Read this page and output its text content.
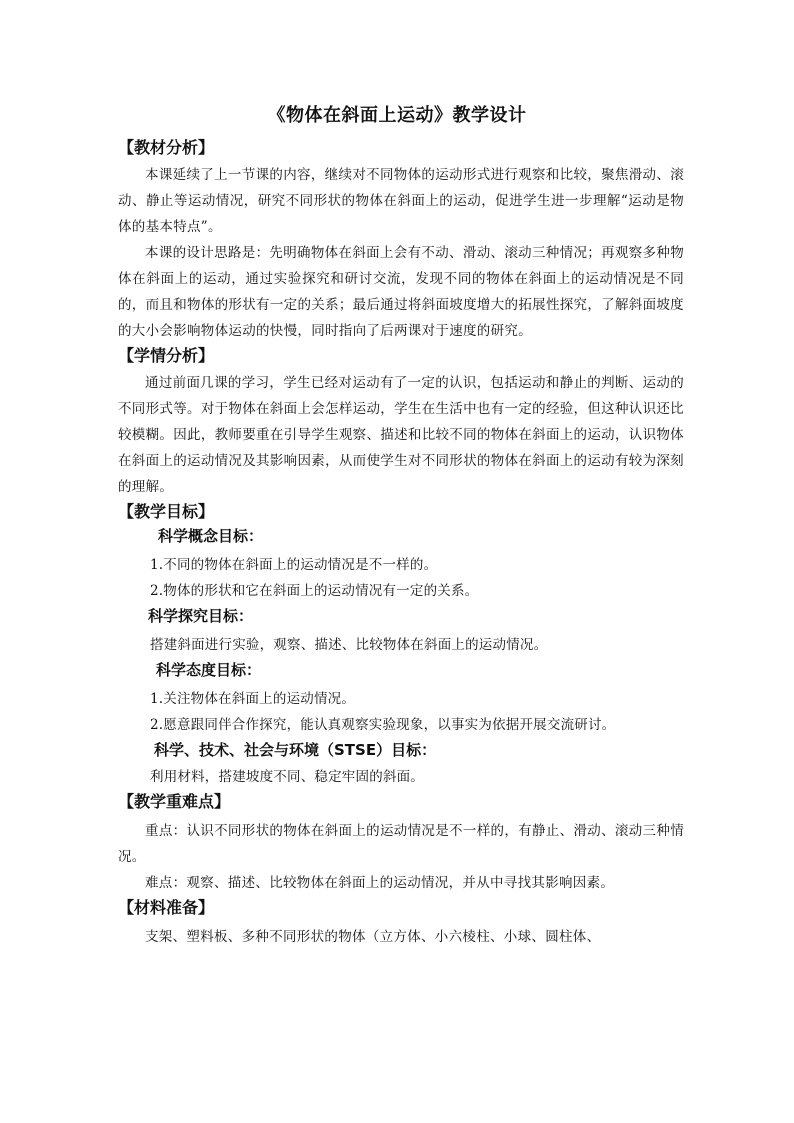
《物体在斜面上运动》教学设计
【教材分析】

本课延续了上一节课的内容，继续对不同物体的运动形式进行观察和比较，聚焦滑动、滚动、静止等运动情况，研究不同形状的物体在斜面上的运动，促进学生进一步理解“运动是物体的基本特点”。

本课的设计思路是：先明确物体在斜面上会有不动、滑动、滚动三种情况；再观察多种物体在斜面上的运动，通过实验探究和研讨交流，发现不同的物体在斜面上的运动情况是不同的，而且和物体的形状有一定的关系；最后通过将斜面坡度增大的拓展性探究，了解斜面坡度的大小会影响物体运动的快慢，同时指向了后两课对于速度的研究。

【学情分析】

通过前面几课的学习，学生已经对运动有了一定的认识，包括运动和静止的判断、运动的不同形式等。对于物体在斜面上会怎样运动，学生在生活中也有一定的经验，但这种认识还比较模糊。因此，教师要重在引导学生观察、描述和比较不同的物体在斜面上的运动，认识物体在斜面上的运动情况及其影响因素，从而使学生对不同形状的物体在斜面上的运动有较为深刻的理解。

【教学目标】
科学概念目标：

1.不同的物体在斜面上的运动情况是不一样的。

2.物体的形状和它在斜面上的运动情况有一定的关系。

科学探究目标：

搭建斜面进行实验，观察、描述、比较物体在斜面上的运动情况。

科学态度目标：

1.关注物体在斜面上的运动情况。

2.愿意跟同伴合作探究，能认真观察实验现象，以事实为依据开展交流研讨。

科学、技术、社会与环境（STSE）目标：

利用材料，搭建坡度不同、稳定牢固的斜面。

【教学重难点】

重点：认识不同形状的物体在斜面上的运动情况是不一样的，有静止、滑动、滚动三种情况。

难点：观察、描述、比较物体在斜面上的运动情况，并从中寻找其影响因素。

【材料准备】

支架、塑料板、多种不同形状的物体（立方体、小六棱柱、小球、圆柱体、
